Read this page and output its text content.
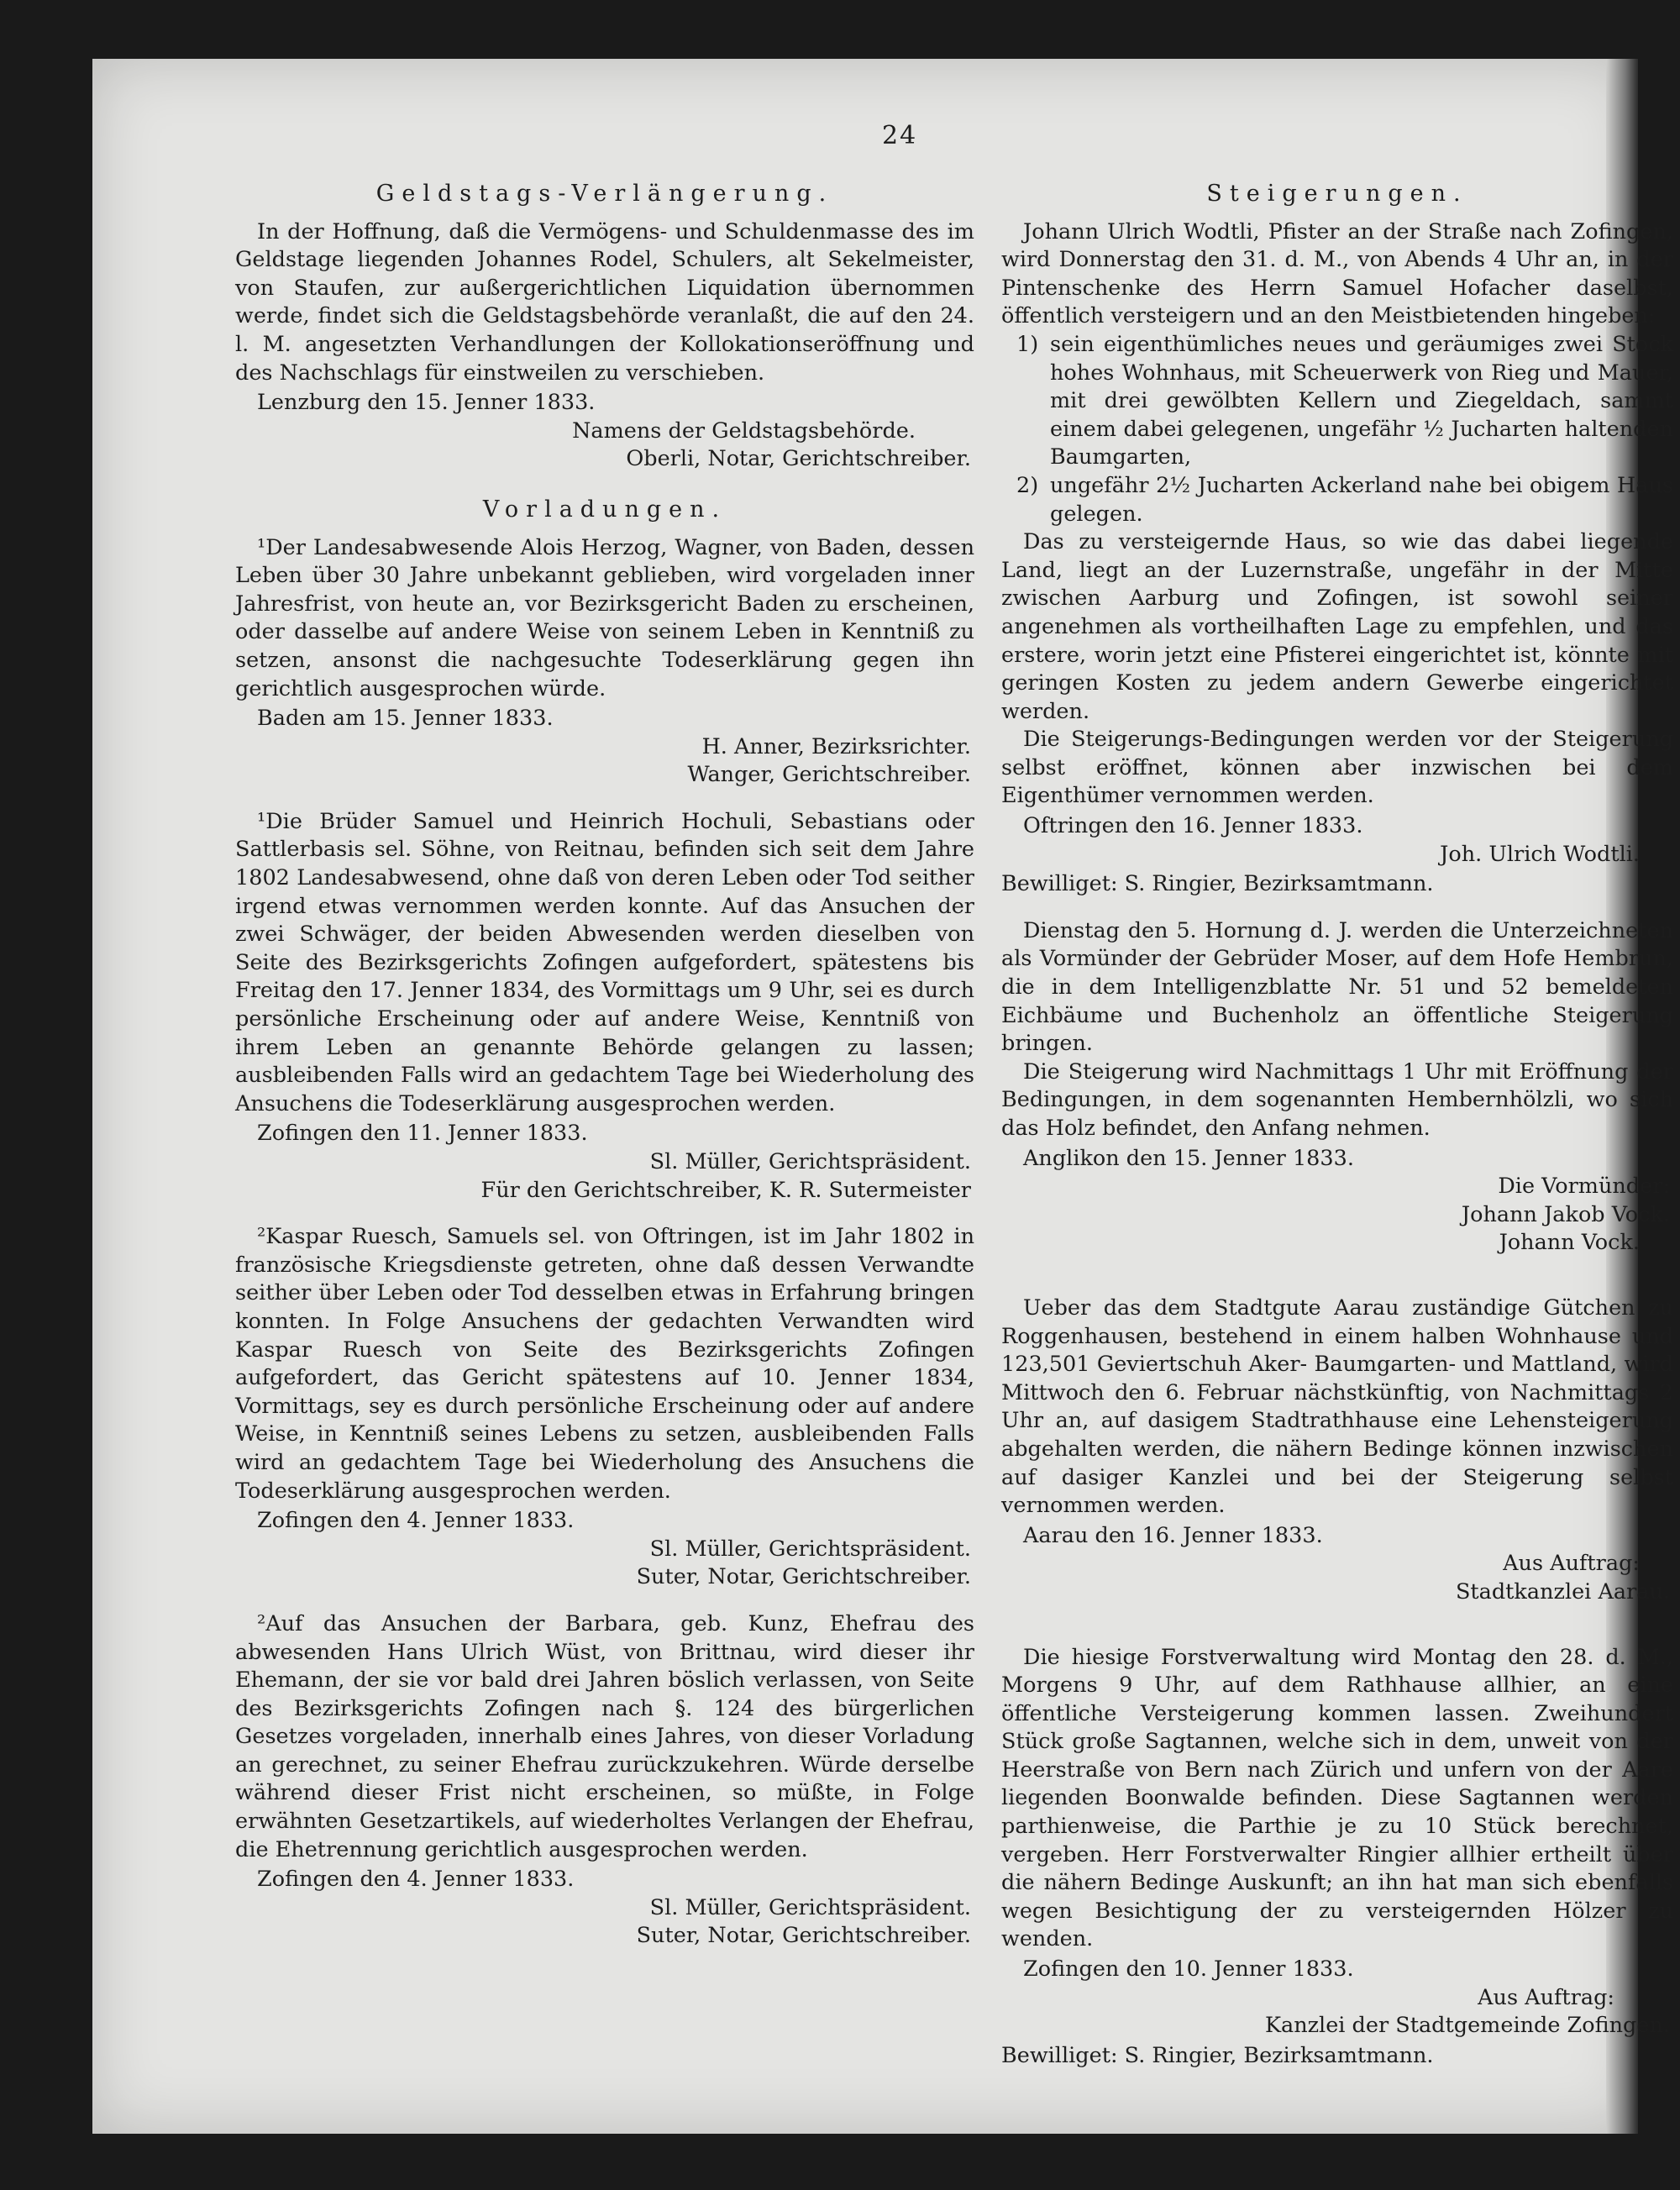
24
Geldstags-Verlängerung.

In der Hoffnung, daß die Vermögens- und Schuldenmasse des im Geldstage liegenden Johannes Rodel, Schulers, alt Sekelmeister, von Staufen, zur außergerichtlichen Liquidation übernommen werde, findet sich die Geldstagsbehörde veranlaßt, die auf den 24. l. M. angesetzten Verhandlungen der Kollokationseröffnung und des Nachschlags für einstweilen zu verschieben.

Lenzburg den 15. Jenner 1833.

Namens der Geldstagsbehörde.

Oberli, Notar, Gerichtschreiber.

Vorladungen.

¹Der Landesabwesende Alois Herzog, Wagner, von Baden, dessen Leben über 30 Jahre unbekannt geblieben, wird vorgeladen inner Jahresfrist, von heute an, vor Bezirksgericht Baden zu erscheinen, oder dasselbe auf andere Weise von seinem Leben in Kenntniß zu setzen, ansonst die nachgesuchte Todeserklärung gegen ihn gerichtlich ausgesprochen würde.

Baden am 15. Jenner 1833.

H. Anner, Bezirksrichter.

Wanger, Gerichtschreiber.

¹Die Brüder Samuel und Heinrich Hochuli, Sebastians oder Sattlerbasis sel. Söhne, von Reitnau, befinden sich seit dem Jahre 1802 Landesabwesend, ohne daß von deren Leben oder Tod seither irgend etwas vernommen werden konnte. Auf das Ansuchen der zwei Schwäger, der beiden Abwesenden werden dieselben von Seite des Bezirksgerichts Zofingen aufgefordert, spätestens bis Freitag den 17. Jenner 1834, des Vormittags um 9 Uhr, sei es durch persönliche Erscheinung oder auf andere Weise, Kenntniß von ihrem Leben an genannte Behörde gelangen zu lassen; ausbleibenden Falls wird an gedachtem Tage bei Wiederholung des Ansuchens die Todeserklärung ausgesprochen werden.

Zofingen den 11. Jenner 1833.

Sl. Müller, Gerichtspräsident.

Für den Gerichtschreiber, K. R. Sutermeister

²Kaspar Ruesch, Samuels sel. von Oftringen, ist im Jahr 1802 in französische Kriegsdienste getreten, ohne daß dessen Verwandte seither über Leben oder Tod desselben etwas in Erfahrung bringen konnten. In Folge Ansuchens der gedachten Verwandten wird Kaspar Ruesch von Seite des Bezirksgerichts Zofingen aufgefordert, das Gericht spätestens auf 10. Jenner 1834, Vormittags, sey es durch persönliche Erscheinung oder auf andere Weise, in Kenntniß seines Lebens zu setzen, ausbleibenden Falls wird an gedachtem Tage bei Wiederholung des Ansuchens die Todeserklärung ausgesprochen werden.

Zofingen den 4. Jenner 1833.

Sl. Müller, Gerichtspräsident.

Suter, Notar, Gerichtschreiber.

²Auf das Ansuchen der Barbara, geb. Kunz, Ehefrau des abwesenden Hans Ulrich Wüst, von Brittnau, wird dieser ihr Ehemann, der sie vor bald drei Jahren böslich verlassen, von Seite des Bezirksgerichts Zofingen nach §. 124 des bürgerlichen Gesetzes vorgeladen, innerhalb eines Jahres, von dieser Vorladung an gerechnet, zu seiner Ehefrau zurückzukehren. Würde derselbe während dieser Frist nicht erscheinen, so müßte, in Folge erwähnten Gesetzartikels, auf wiederholtes Verlangen der Ehefrau, die Ehetrennung gerichtlich ausgesprochen werden.

Zofingen den 4. Jenner 1833.

Sl. Müller, Gerichtspräsident.

Suter, Notar, Gerichtschreiber.

Steigerungen.

Johann Ulrich Wodtli, Pfister an der Straße nach Zofingen, wird Donnerstag den 31. d. M., von Abends 4 Uhr an, in der Pintenschenke des Herrn Samuel Hofacher daselbst, öffentlich versteigern und an den Meistbietenden hingeben:

1) sein eigenthümliches neues und geräumiges zwei Stock hohes Wohnhaus, mit Scheuerwerk von Rieg und Mauer, mit drei gewölbten Kellern und Ziegeldach, sammt einem dabei gelegenen, ungefähr ½ Jucharten haltenden Baumgarten,
2) ungefähr 2½ Jucharten Ackerland nahe bei obigem Haus gelegen.

Das zu versteigernde Haus, so wie das dabei liegende Land, liegt an der Luzernstraße, ungefähr in der Mitte zwischen Aarburg und Zofingen, ist sowohl seiner angenehmen als vortheilhaften Lage zu empfehlen, und das erstere, worin jetzt eine Pfisterei eingerichtet ist, könnte mit geringen Kosten zu jedem andern Gewerbe eingerichtet werden.

Die Steigerungs-Bedingungen werden vor der Steigerung selbst eröffnet, können aber inzwischen bei dem Eigenthümer vernommen werden.

Oftringen den 16. Jenner 1833.

Joh. Ulrich Wodtli.

Bewilliget: S. Ringier, Bezirksamtmann.

Dienstag den 5. Hornung d. J. werden die Unterzeichneten als Vormünder der Gebrüder Moser, auf dem Hofe Hembrun, die in dem Intelligenzblatte Nr. 51 und 52 bemeldeten Eichbäume und Buchenholz an öffentliche Steigerung bringen.

Die Steigerung wird Nachmittags 1 Uhr mit Eröffnung der Bedingungen, in dem sogenannten Hembernhölzli, wo sich das Holz befindet, den Anfang nehmen.

Anglikon den 15. Jenner 1833.

Die Vormünder:

Johann Jakob Vock.

Johann Vock.

Ueber das dem Stadtgute Aarau zuständige Gütchen zu Roggenhausen, bestehend in einem halben Wohnhause und 123,501 Geviertschuh Aker- Baumgarten- und Mattland, wird Mittwoch den 6. Februar nächstkünftig, von Nachmittags 2 Uhr an, auf dasigem Stadtrathhause eine Lehensteigerung abgehalten werden, die nähern Bedinge können inzwischen auf dasiger Kanzlei und bei der Steigerung selbst vernommen werden.

Aarau den 16. Jenner 1833.

Aus Auftrag:

Stadtkanzlei Aarau.

Die hiesige Forstverwaltung wird Montag den 28. d. M., Morgens 9 Uhr, auf dem Rathhause allhier, an eine öffentliche Versteigerung kommen lassen. Zweihundert Stück große Sagtannen, welche sich in dem, unweit von der Heerstraße von Bern nach Zürich und unfern von der Aare liegenden Boonwalde befinden. Diese Sagtannen werden parthienweise, die Parthie je zu 10 Stück berechnet, vergeben. Herr Forstverwalter Ringier allhier ertheilt über die nähern Bedinge Auskunft; an ihn hat man sich ebenfalls wegen Besichtigung der zu versteigernden Hölzer zu wenden.

Zofingen den 10. Jenner 1833.

Aus Auftrag:

Kanzlei der Stadtgemeinde Zofingen.

Bewilliget: S. Ringier, Bezirksamtmann.
